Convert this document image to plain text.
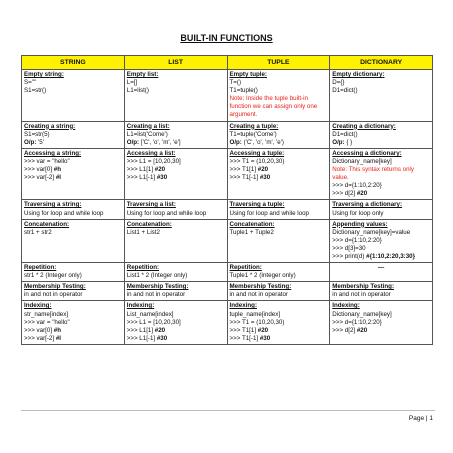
BUILT-IN FUNCTIONS
STRING	LIST	TUPLE	DICTIONARY

Empty string:
S=""
S1=str()	Empty list:
L=[]
L1=list()	Empty tuple:
T=()
T1=tuple()
Note: Inside the tuple built-in function we can assign only one argument.	Empty dictionary:
D={}
D1=dict()

Creating a string:
S1=str(5)
O/p: '5'	Creating a list:
L1=list('Come')
O/p: ['C', 'o', 'm', 'e']	Creating a tuple:
T1=tuple('Come')
O/p: ('C', 'o', 'm', 'e')	Creating a dictionary:
D1=dict()
O/p: { }

Accessing a string:
>>> var = "hello"
>>> var[0] #h
>>> var[-2] #l	Accessing a list:
>>> L1 = [10,20,30]
>>> L1[1] #20
>>> L1[-1] #30	Accessing a tuple:
>>> T1 = (10,20,30)
>>> T1[1] #20
>>> T1[-1] #30	Accessing a dictionary:
Dictionary_name[key]
Note: This syntax returns only value.
>>> d={1:10,2:20}
>>> d[2] #20

Traversing a string:
Using for loop and while loop	Traversing a list:
Using for loop and while loop	Traversing a tuple:
Using for loop and while loop	Traversing a dictionary:
Using for loop only

Concatenation:
str1 + str2	Concatenation:
List1 + List2	Concatenation:
Tuple1 + Tuple2	Appending values:
Dictionary_name[key]=value
>>> d={1:10,2:20}
>>> d[3]=30
>>> print(d) #{1:10,2:20,3:30}

Repetition:
str1 * 2 (Integer only)	Repetition:
List1 * 2 (Integer only)	Repetition:
Tuple1 * 2 (Integer only)	—

Membership Testing:
in and not in operator	Membership Testing:
in and not in operator	Membership Testing:
in and not in operator	Membership Testing:
in and not in operator

Indexing:
str_name[index]
>>> var = "hello"
>>> var[0] #h
>>> var[-2] #l	Indexing:
List_name[index]
>>> L1 = [10,20,30]
>>> L1[1] #20
>>> L1[-1] #30	Indexing:
tuple_name[index]
>>> T1 = (10,20,30)
>>> T1[1] #20
>>> T1[-1] #30	Indexing:
Dictionary_name[key]
>>> d={1:10,2:20}
>>> d[2] #20
Page | 1
